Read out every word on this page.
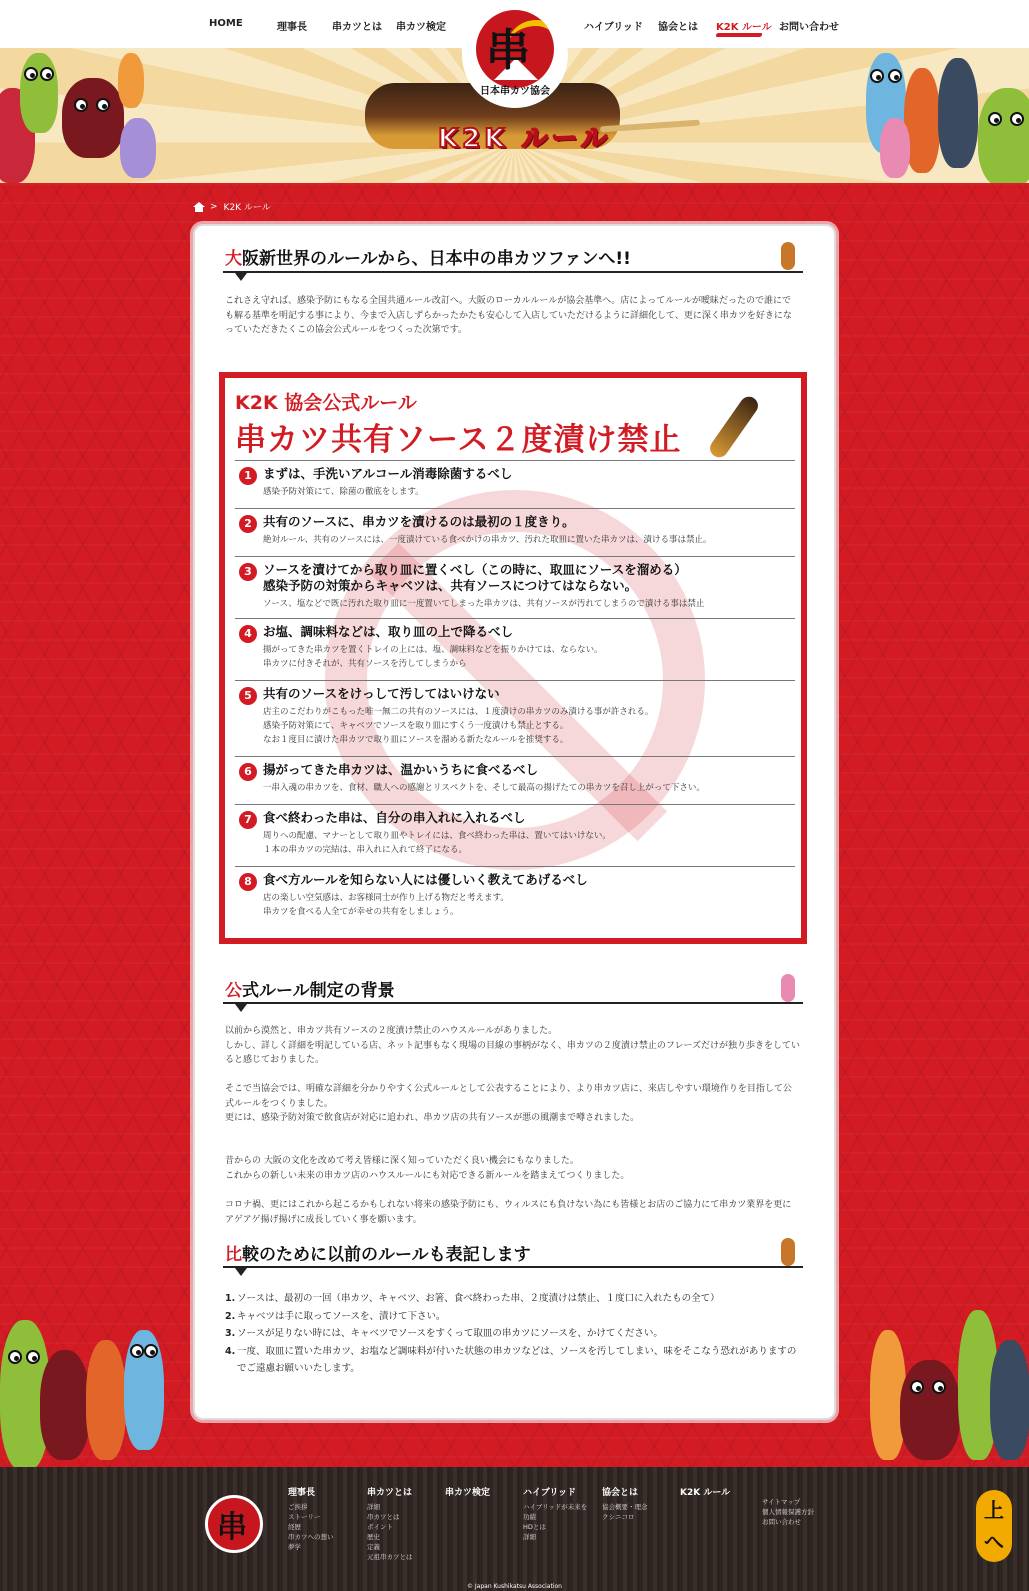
HOME	理事長	串カツとは 串カツ検定	ハイブリッド 協会とは K2K ルール お問い合わせ
串
日本串カツ協会
K2K ルール
> K2K ルール
大阪新世界のルールから、日本中の串カツファンへ!!
これさえ守れば、感染予防にもなる全国共通ルール改訂へ。大阪のローカルルールが協会基準へ。店によってルールが曖昧だったので誰にでも解る基準を明記する事により、今まで入店しずらかったかたも安心して入店していただけるように詳細化して、更に深く串カツを好きになっていただきたくこの協会公式ルールをつくった次第です。
K2K 協会公式ルール
串カツ共有ソース２度漬け禁止
1 まずは、手洗いアルコール消毒除菌するべし
感染予防対策にて、除菌の徹底をします。
2 共有のソースに、串カツを漬けるのは最初の１度きり。
絶対ルール、共有のソースには、一度漬けている食べかけの串カツ、汚れた取皿に置いた串カツは、漬ける事は禁止。
3 ソースを漬けてから取り皿に置くべし（この時に、取皿にソースを溜める）
感染予防の対策からキャベツは、共有ソースにつけてはならない。
ソース、塩などで既に汚れた取り皿に一度置いてしまった串カツは、共有ソースが汚れてしまうので漬ける事は禁止
4 お塩、調味料などは、取り皿の上で降るべし
揚がってきた串カツを置くトレイの上には、塩、調味料などを振りかけては、ならない。
串カツに付きそれが、共有ソースを汚してしまうから
5 共有のソースをけっして汚してはいけない
店主のこだわりがこもった唯一無二の共有のソースには、１度漬けの串カツのみ漬ける事が許される。
感染予防対策にて、キャベツでソースを取り皿にすくう一度漬けも禁止とする。
なお１度目に漬けた串カツで取り皿にソースを溜める新たなルールを推奨する。
6 揚がってきた串カツは、温かいうちに食べるべし
一串入魂の串カツを、食材、職人への感謝とリスペクトを、そして最高の揚げたての串カツを召し上がって下さい。
7 食べ終わった串は、自分の串入れに入れるべし
周りへの配慮、マナーとして取り皿やトレイには、食べ終わった串は、置いてはいけない。
１本の串カツの完結は、串入れに入れて終了になる。
8 食べ方ルールを知らない人には優しいく教えてあげるべし
店の楽しい空気感は、お客様同士が作り上げる物だと考えます。
串カツを食べる人全てが幸せの共有をしましょう。
公式ルール制定の背景
以前から漠然と、串カツ共有ソースの２度漬け禁止のハウスルールがありました。
しかし、詳しく詳細を明記している店、ネット記事もなく現場の目線の事柄がなく、串カツの２度漬け禁止のフレーズだけが独り歩きをしていると感じておりました。
そこで当協会では、明確な詳細を分かりやすく公式ルールとして公表することにより、より串カツ店に、来店しやすい環境作りを目指して公式ルールをつくりました。
更には、感染予防対策で飲食店が対応に追われ、串カツ店の共有ソースが悪の風潮まで噂されました。
昔からの 大阪の文化を改めて考え皆様に深く知っていただく良い機会にもなりました。
これからの新しい未来の串カツ店のハウスルールにも対応できる新ルールを踏まえてつくりました。
コロナ禍、更にはこれから起こるかもしれない将来の感染予防にも、ウィルスにも負けない為にも皆様とお店のご協力にて串カツ業界を更にアゲアゲ揚げ揚げに成長していく事を願います。
比較のために以前のルールも表記します
1. ソースは、最初の一回（串カツ、キャベツ、お箸、食べ終わった串、２度漬けは禁止、１度口に入れたもの全て）
2. キャベツは手に取ってソースを、漬けて下さい。
3. ソースが足りない時には、キャベツでソースをすくって取皿の串カツにソースを、かけてください。
4. 一度、取皿に置いた串カツ、お塩など調味料が付いた状態の串カツなどは、ソースを汚してしまい、味をそこなう恐れがありますのでご遠慮お願いいたします。
串
理事長
ご挨拶
ストーリー
経歴
串カツへの想い
夢学
串カツとは
詳細
串カツとは
ポイント
歴史
定義
元祖串カツとは
串カツ検定	ハイブリッド
ハイブリッドが未来を
功績
HDとは
詳細
協会とは
協会概要・理念
クシニコロ
K2K ルール
サイトマップ
個人情報保護方針
お問い合わせ	上へ
© Japan Kushikatsu Association
